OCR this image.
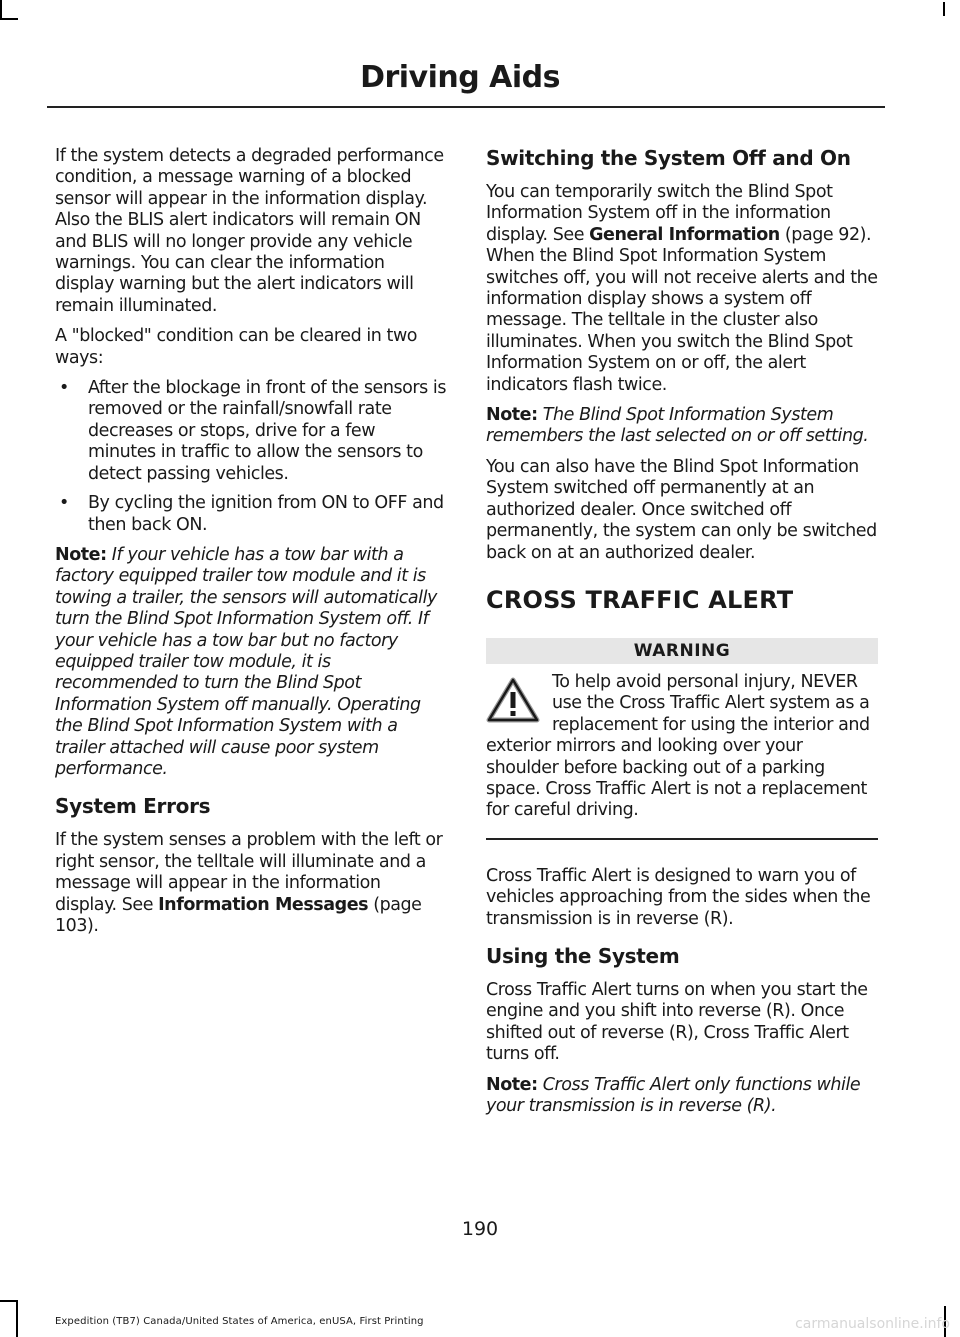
Driving Aids

If the system detects a degraded performance condition, a message warning of a blocked sensor will appear in the information display. Also the BLIS alert indicators will remain ON and BLIS will no longer provide any vehicle warnings. You can clear the information display warning but the alert indicators will remain illuminated.

A "blocked" condition can be cleared in two ways:

• After the blockage in front of the sensors is removed or the rainfall/snowfall rate decreases or stops, drive for a few minutes in traffic to allow the sensors to detect passing vehicles.
• By cycling the ignition from ON to OFF and then back ON.

Note: If your vehicle has a tow bar with a factory equipped trailer tow module and it is towing a trailer, the sensors will automatically turn the Blind Spot Information System off. If your vehicle has a tow bar but no factory equipped trailer tow module, it is recommended to turn the Blind Spot Information System off manually. Operating the Blind Spot Information System with a trailer attached will cause poor system performance.

System Errors

If the system senses a problem with the left or right sensor, the telltale will illuminate and a message will appear in the information display. See Information Messages (page 103).

Switching the System Off and On

You can temporarily switch the Blind Spot Information System off in the information display. See General Information (page 92). When the Blind Spot Information System switches off, you will not receive alerts and the information display shows a system off message. The telltale in the cluster also illuminates. When you switch the Blind Spot Information System on or off, the alert indicators flash twice.

Note: The Blind Spot Information System remembers the last selected on or off setting.

You can also have the Blind Spot Information System switched off permanently at an authorized dealer. Once switched off permanently, the system can only be switched back on at an authorized dealer.

CROSS TRAFFIC ALERT
WARNING
To help avoid personal injury, NEVER use the Cross Traffic Alert system as a replacement for using the interior and exterior mirrors and looking over your shoulder before backing out of a parking space. Cross Traffic Alert is not a replacement for careful driving.

Cross Traffic Alert is designed to warn you of vehicles approaching from the sides when the transmission is in reverse (R).

Using the System

Cross Traffic Alert turns on when you start the engine and you shift into reverse (R). Once shifted out of reverse (R), Cross Traffic Alert turns off.

Note: Cross Traffic Alert only functions while your transmission is in reverse (R).

190
Expedition (TB7) Canada/United States of America, enUSA, First Printing	carmanualsonline.info
